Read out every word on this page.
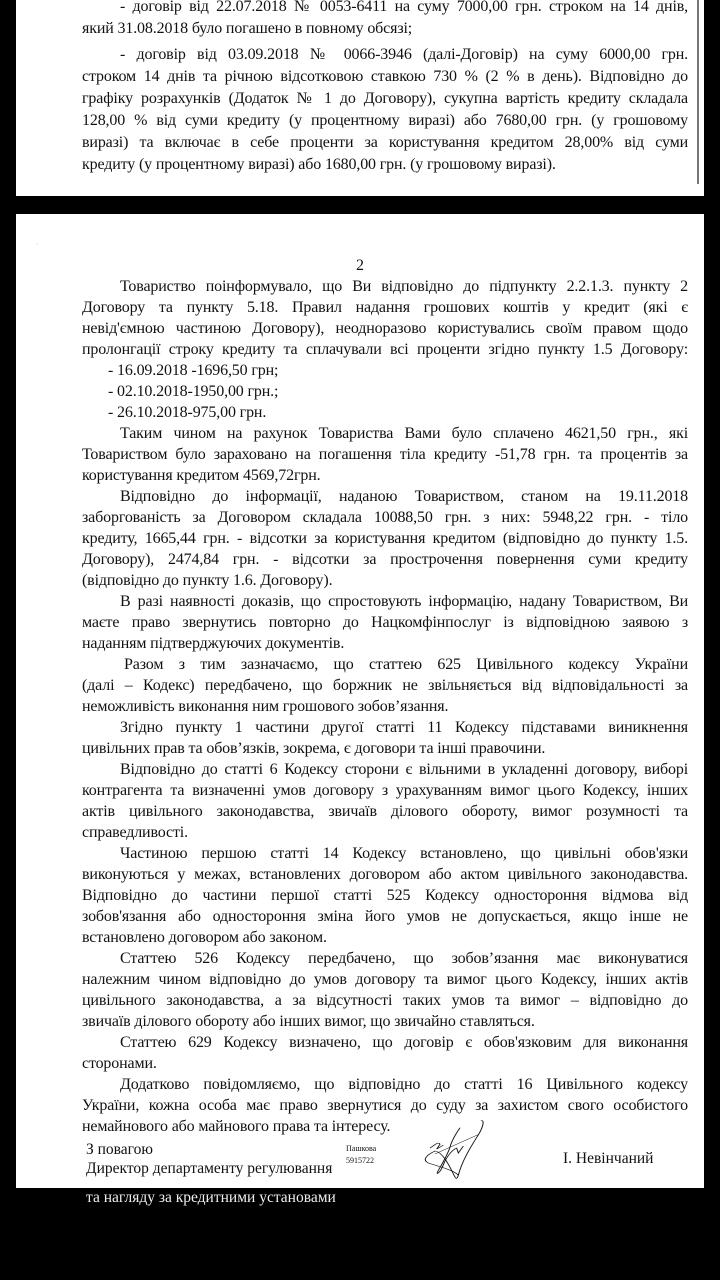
- договір від 22.07.2018 № 0053-6411 на суму 7000,00 грн. строком на 14 днів,
який 31.08.2018 було погашено в повному обсязі;
- договір від 03.09.2018 № 0066-3946 (далі-Договір) на суму 6000,00 грн.
строком 14 днів та річною відсотковою ставкою 730 % (2 % в день). Відповідно до
графіку розрахунків (Додаток № 1 до Договору), сукупна вартість кредиту складала
128,00 % від суми кредиту (у процентному виразі) або 7680,00 грн. (у грошовому
виразі) та включає в себе проценти за користування кредитом 28,00% від суми
кредиту (у процентному виразі) або 1680,00 грн. (у грошовому виразі).
·
2
Товариство поінформувало, що Ви відповідно до підпункту 2.2.1.3. пункту 2
Договору та пункту 5.18. Правил надання грошових коштів у кредит (які є
невід'ємною частиною Договору), неодноразово користувались своїм правом щодо
пролонгації строку кредиту та сплачували всі проценти згідно пункту 1.5 Договору:
- 16.09.2018 -1696,50 грн;
- 02.10.2018-1950,00 грн.;
- 26.10.2018-975,00 грн.
Таким чином на рахунок Товариства Вами було сплачено 4621,50 грн., які
Товариством було зараховано на погашення тіла кредиту -51,78 грн. та процентів за
користування кредитом 4569,72грн.
Відповідно до інформації, наданою Товариством, станом на 19.11.2018
заборгованість за Договором складала 10088,50 грн. з них: 5948,22 грн. - тіло
кредиту, 1665,44 грн. - відсотки за користування кредитом (відповідно до пункту 1.5.
Договору), 2474,84 грн. - відсотки за прострочення повернення суми кредиту
(відповідно до пункту 1.6. Договору).
В разі наявності доказів, що спростовують інформацію, надану Товариством, Ви
маєте право звернутись повторно до Нацкомфінпослуг із відповідною заявою з
наданням підтверджуючих документів.
Разом з тим зазначаємо, що статтею 625 Цивільного кодексу України
(далі – Кодекс) передбачено, що боржник не звільняється від відповідальності за
неможливість виконання ним грошового зобов’язання.
Згідно пункту 1 частини другої статті 11 Кодексу підставами виникнення
цивільних прав та обов’язків, зокрема, є договори та інші правочини.
Відповідно до статті 6 Кодексу сторони є вільними в укладенні договору, виборі
контрагента та визначенні умов договору з урахуванням вимог цього Кодексу, інших
актів цивільного законодавства, звичаїв ділового обороту, вимог розумності та
справедливості.
Частиною першою статті 14 Кодексу встановлено, що цивільні обов'язки
виконуються у межах, встановлених договором або актом цивільного законодавства.
Відповідно до частини першої статті 525 Кодексу одностороння відмова від
зобов'язання або одностороння зміна його умов не допускається, якщо інше не
встановлено договором або законом.
Статтею 526 Кодексу передбачено, що зобов’язання має виконуватися
належним чином відповідно до умов договору та вимог цього Кодексу, інших актів
цивільного законодавства, а за відсутності таких умов та вимог – відповідно до
звичаїв ділового обороту або інших вимог, що звичайно ставляться.
Статтею 629 Кодексу визначено, що договір є обов'язковим для виконання
сторонами.
Додатково повідомляємо, що відповідно до статті 16 Цивільного кодексу
України, кожна особа має право звернутися до суду за захистом свого особистого
немайнового або майнового права та інтересу.
З повагою
Директор департаменту регулювання
Пашкова
5915722	І. Невінчаний
та нагляду за кредитними установами
